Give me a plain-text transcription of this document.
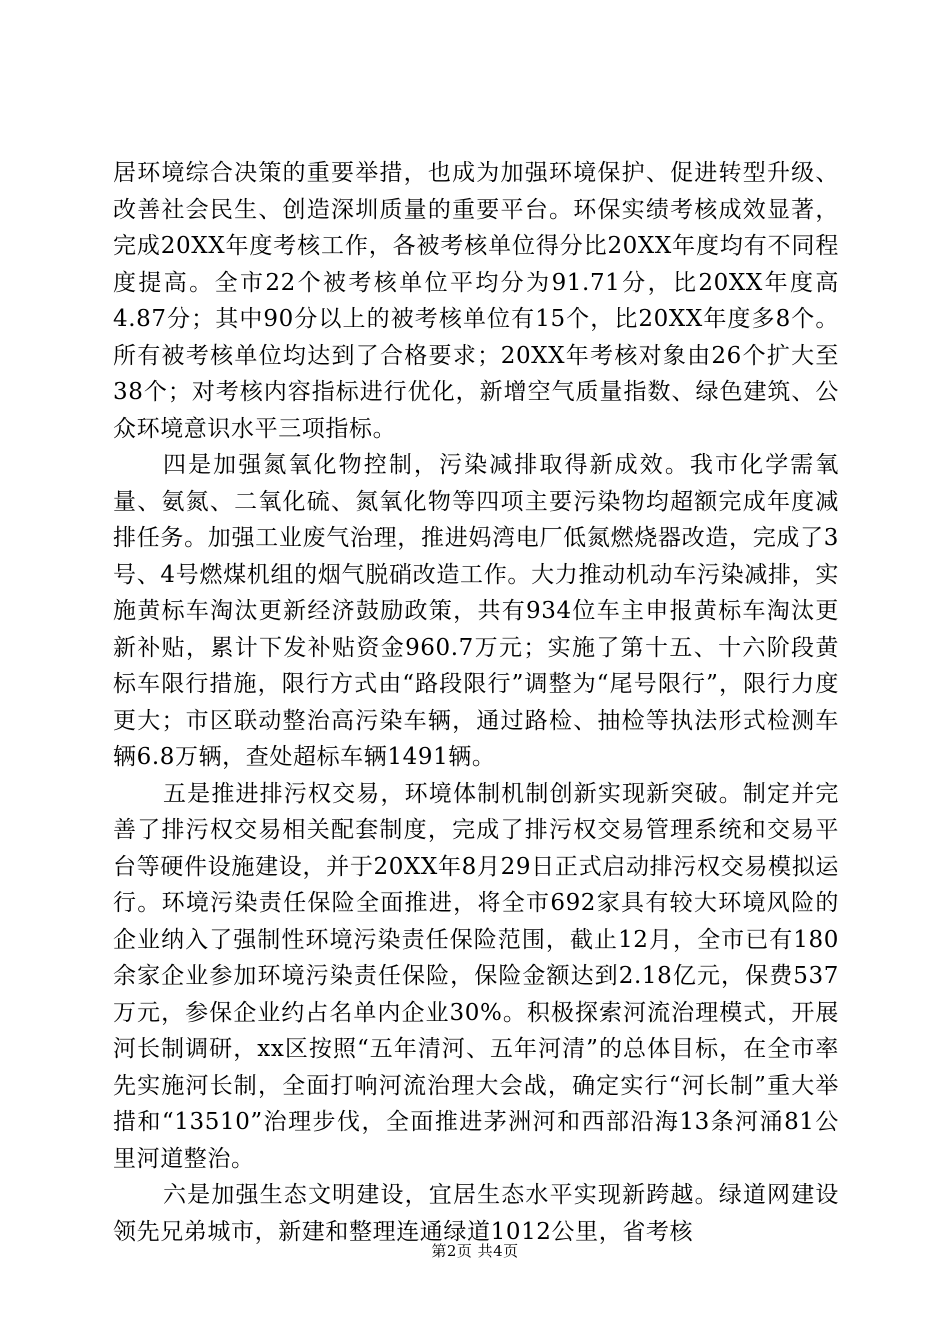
居环境综合决策的重要举措，也成为加强环境保护、促进转型升级、改善社会民生、创造深圳质量的重要平台。环保实绩考核成效显著，完成20XX年度考核工作，各被考核单位得分比20XX年度均有不同程度提高。全市22个被考核单位平均分为91.71分，比20XX年度高4.87分；其中90分以上的被考核单位有15个，比20XX年度多8个。所有被考核单位均达到了合格要求；20XX年考核对象由26个扩大至38个；对考核内容指标进行优化，新增空气质量指数、绿色建筑、公众环境意识水平三项指标。

四是加强氮氧化物控制，污染减排取得新成效。我市化学需氧量、氨氮、二氧化硫、氮氧化物等四项主要污染物均超额完成年度减排任务。加强工业废气治理，推进妈湾电厂低氮燃烧器改造，完成了3号、4号燃煤机组的烟气脱硝改造工作。大力推动机动车污染减排，实施黄标车淘汰更新经济鼓励政策，共有934位车主申报黄标车淘汰更新补贴，累计下发补贴资金960.7万元；实施了第十五、十六阶段黄标车限行措施，限行方式由“路段限行”调整为“尾号限行”，限行力度更大；市区联动整治高污染车辆，通过路检、抽检等执法形式检测车辆6.8万辆，查处超标车辆1491辆。

五是推进排污权交易，环境体制机制创新实现新突破。制定并完善了排污权交易相关配套制度，完成了排污权交易管理系统和交易平台等硬件设施建设，并于20XX年8月29日正式启动排污权交易模拟运行。环境污染责任保险全面推进，将全市692家具有较大环境风险的企业纳入了强制性环境污染责任保险范围，截止12月，全市已有180余家企业参加环境污染责任保险，保险金额达到2.18亿元，保费537万元，参保企业约占名单内企业30%。积极探索河流治理模式，开展河长制调研，xx区按照“五年清河、五年河清”的总体目标，在全市率先实施河长制，全面打响河流治理大会战，确定实行“河长制”重大举措和“13510”治理步伐，全面推进茅洲河和西部沿海13条河涌81公里河道整治。

六是加强生态文明建设，宜居生态水平实现新跨越。绿道网建设领先兄弟城市，新建和整理连通绿道1012公里，省考核

第2页 共4页
